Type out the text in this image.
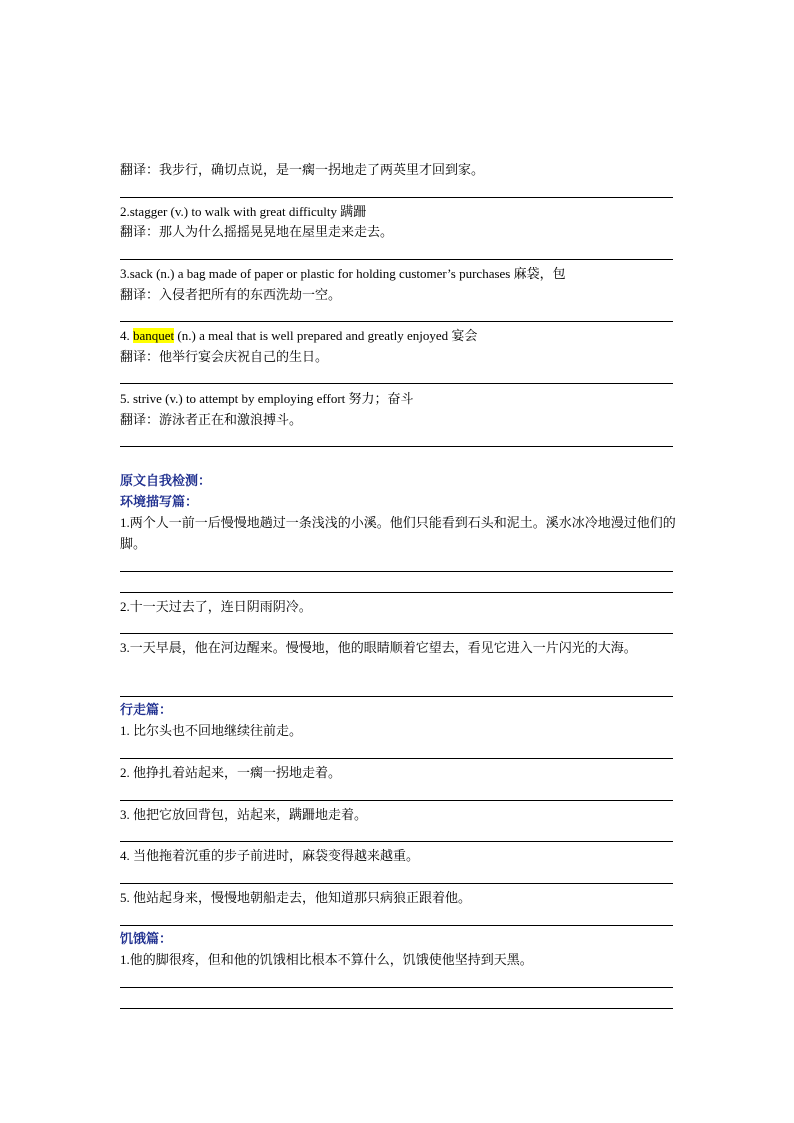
翻译：我步行，确切点说，是一瘸一拐地走了两英里才回到家。
2.stagger (v.) to walk with great difficulty 蹒跚
翻译：那人为什么摇摇晃晃地在屋里走来走去。
3.sack (n.) a bag made of paper or plastic for holding customer’s purchases 麻袋，包
翻译：入侵者把所有的东西洗劫一空。
4. banquet (n.) a meal that is well prepared and greatly enjoyed 宴会
翻译：他举行宴会庆祝自己的生日。
5. strive (v.) to attempt by employing effort 努力；奋斗
翻译：游泳者正在和激浪搏斗。
原文自我检测：
环境描写篇：
1.两个人一前一后慢慢地趟过一条浅浅的小溪。他们只能看到石头和泥土。溪水冰冷地漫过他们的脚。
2.十一天过去了，连日阴雨阴冷。
3.一天早晨，他在河边醒来。慢慢地，他的眼睛顺着它望去，看见它进入一片闪光的大海。
行走篇：
1. 比尔头也不回地继续往前走。
2. 他挣扎着站起来，一瘸一拐地走着。
3. 他把它放回背包，站起来，蹒跚地走着。
4. 当他拖着沉重的步子前进时，麻袋变得越来越重。
5. 他站起身来，慢慢地朝船走去，他知道那只病狼正跟着他。
饥饿篇：
1.他的脚很疼，但和他的饥饿相比根本不算什么，饥饿使他坚持到天黑。
